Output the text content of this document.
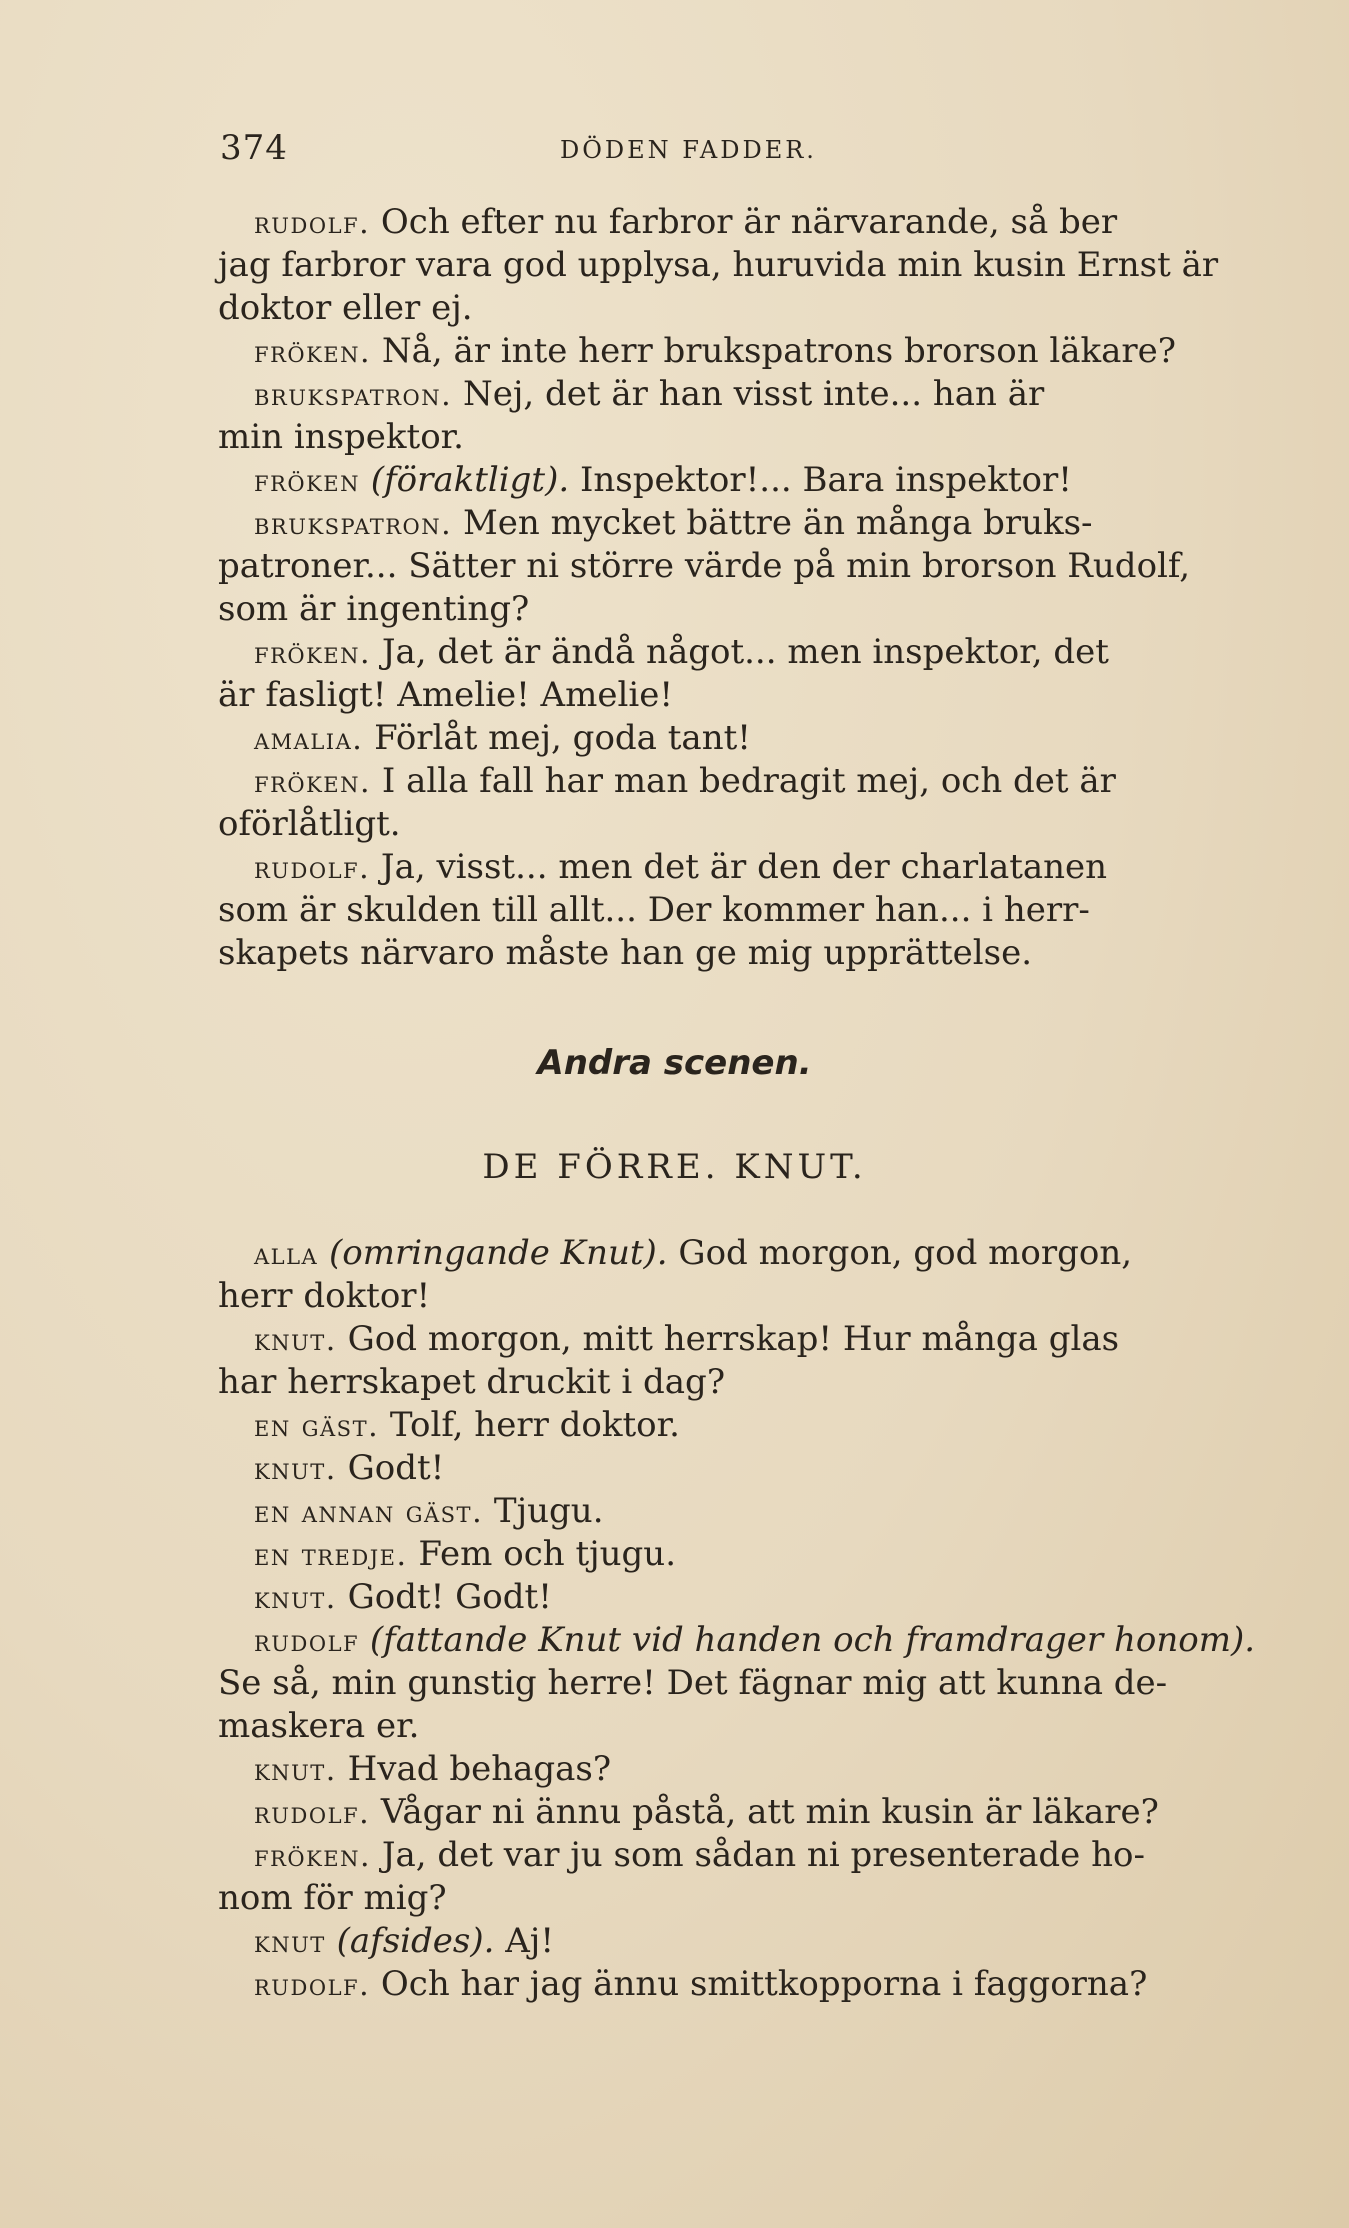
374	DÖDEN FADDER.
rudolf. Och efter nu farbror är närvarande, så ber
jag farbror vara god upplysa, huruvida min kusin Ernst är
doktor eller ej.
fröken. Nå, är inte herr brukspatrons brorson läkare?
brukspatron. Nej, det är han visst inte... han är
min inspektor.
fröken (föraktligt). Inspektor!... Bara inspektor!
brukspatron. Men mycket bättre än många bruks-
patroner... Sätter ni större värde på min brorson Rudolf,
som är ingenting?
fröken. Ja, det är ändå något... men inspektor, det
är fasligt! Amelie! Amelie!
amalia. Förlåt mej, goda tant!
fröken. I alla fall har man bedragit mej, och det är
oförlåtligt.
rudolf. Ja, visst... men det är den der charlatanen
som är skulden till allt... Der kommer han... i herr-
skapets närvaro måste han ge mig upprättelse.
Andra scenen.
DE FÖRRE. KNUT.
alla (omringande Knut). God morgon, god morgon,
herr doktor!
knut. God morgon, mitt herrskap! Hur många glas
har herrskapet druckit i dag?
en gäst. Tolf, herr doktor.
knut. Godt!
en annan gäst. Tjugu.
en tredje. Fem och tjugu.
knut. Godt! Godt!
rudolf (fattande Knut vid handen och framdrager honom).
Se så, min gunstig herre! Det fägnar mig att kunna de-
maskera er.
knut. Hvad behagas?
rudolf. Vågar ni ännu påstå, att min kusin är läkare?
fröken. Ja, det var ju som sådan ni presenterade ho-
nom för mig?
knut (afsides). Aj!
rudolf. Och har jag ännu smittkopporna i faggorna?
